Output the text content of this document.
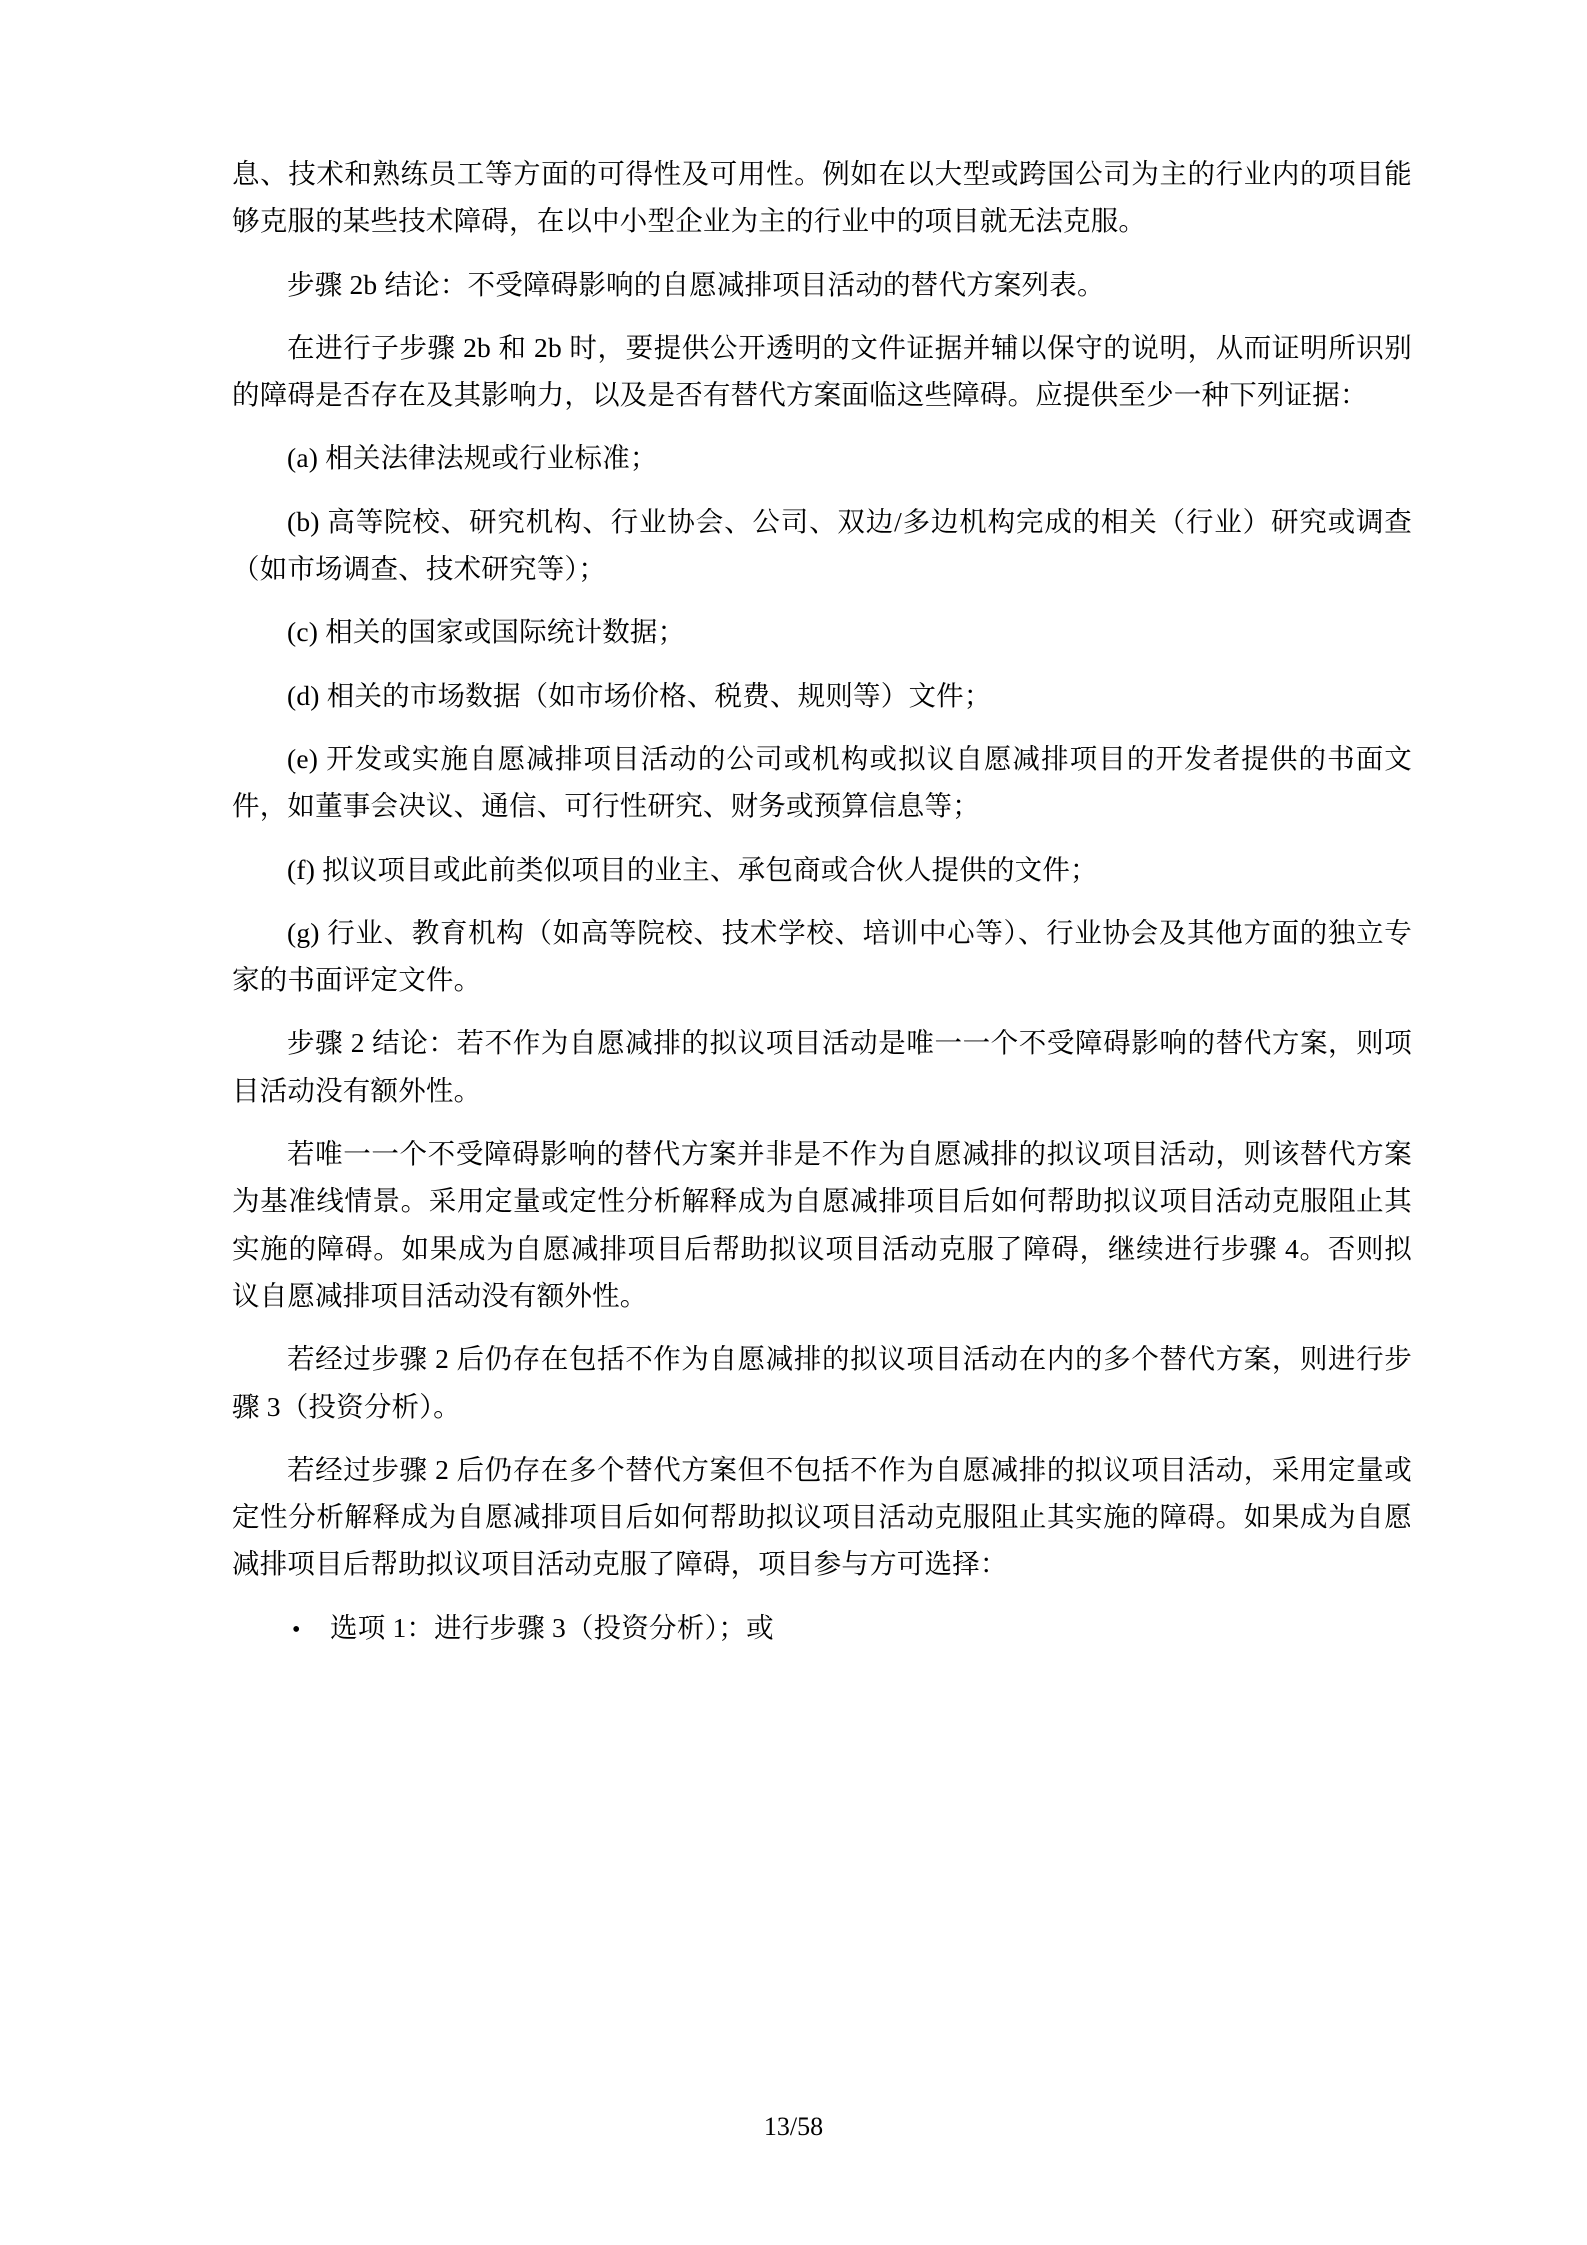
息、技术和熟练员工等方面的可得性及可用性。例如在以大型或跨国公司为主的行业内的项目能够克服的某些技术障碍，在以中小型企业为主的行业中的项目就无法克服。

步骤 2b 结论：不受障碍影响的自愿减排项目活动的替代方案列表。

在进行子步骤 2b 和 2b 时，要提供公开透明的文件证据并辅以保守的说明，从而证明所识别的障碍是否存在及其影响力，以及是否有替代方案面临这些障碍。应提供至少一种下列证据：

(a) 相关法律法规或行业标准；

(b) 高等院校、研究机构、行业协会、公司、双边/多边机构完成的相关（行业）研究或调查（如市场调查、技术研究等）；

(c) 相关的国家或国际统计数据；

(d) 相关的市场数据（如市场价格、税费、规则等）文件；

(e) 开发或实施自愿减排项目活动的公司或机构或拟议自愿减排项目的开发者提供的书面文件，如董事会决议、通信、可行性研究、财务或预算信息等；

(f) 拟议项目或此前类似项目的业主、承包商或合伙人提供的文件；

(g) 行业、教育机构（如高等院校、技术学校、培训中心等）、行业协会及其他方面的独立专家的书面评定文件。

步骤 2 结论：若不作为自愿减排的拟议项目活动是唯一一个不受障碍影响的替代方案，则项目活动没有额外性。

若唯一一个不受障碍影响的替代方案并非是不作为自愿减排的拟议项目活动，则该替代方案为基准线情景。采用定量或定性分析解释成为自愿减排项目后如何帮助拟议项目活动克服阻止其实施的障碍。如果成为自愿减排项目后帮助拟议项目活动克服了障碍，继续进行步骤 4。否则拟议自愿减排项目活动没有额外性。

若经过步骤 2 后仍存在包括不作为自愿减排的拟议项目活动在内的多个替代方案，则进行步骤 3（投资分析）。

若经过步骤 2 后仍存在多个替代方案但不包括不作为自愿减排的拟议项目活动，采用定量或定性分析解释成为自愿减排项目后如何帮助拟议项目活动克服阻止其实施的障碍。如果成为自愿减排项目后帮助拟议项目活动克服了障碍，项目参与方可选择：

•	选项 1：进行步骤 3（投资分析）；或
13/58
